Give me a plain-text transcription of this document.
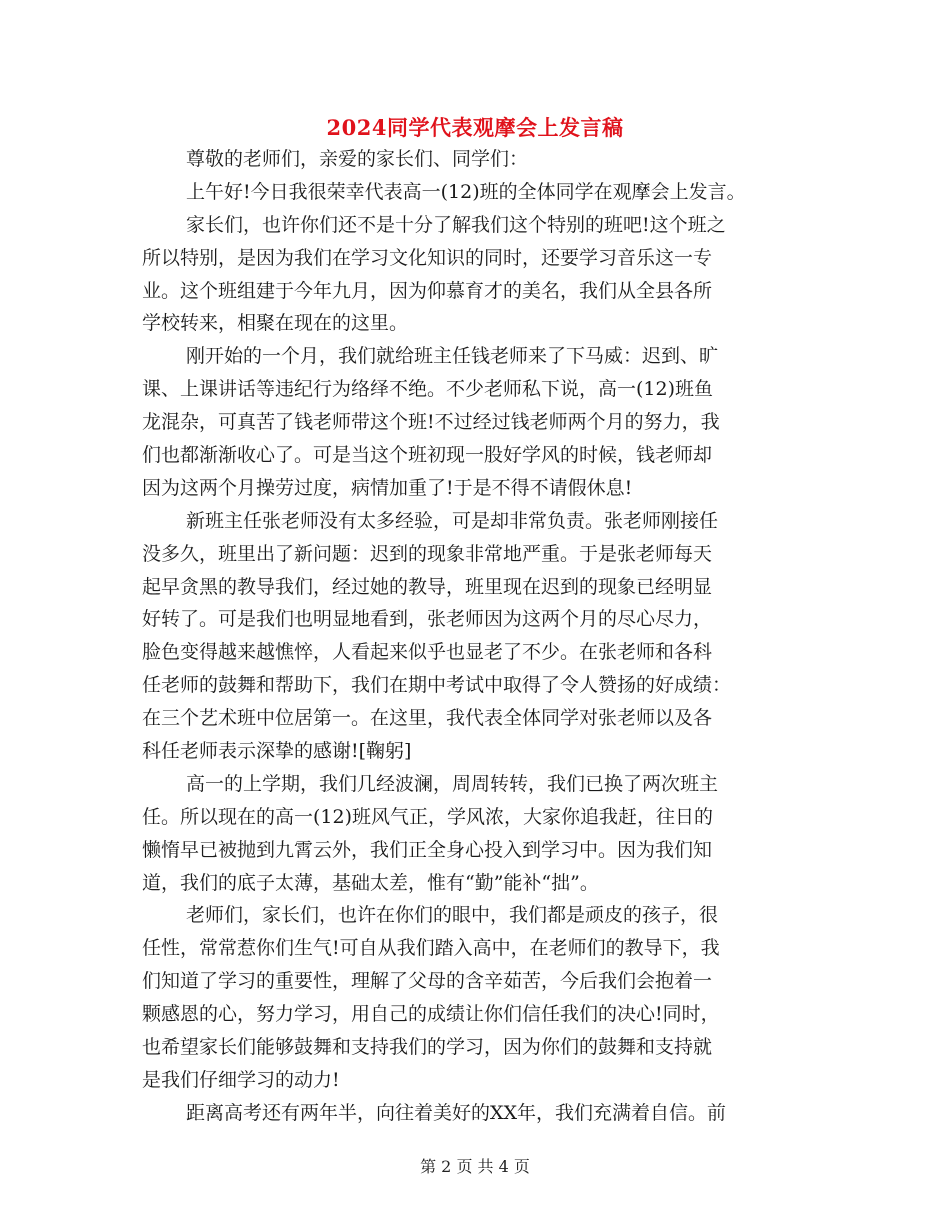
2024同学代表观摩会上发言稿
尊敬的老师们，亲爱的家长们、同学们：
上午好!今日我很荣幸代表高一(12)班的全体同学在观摩会上发言。
家长们，也许你们还不是十分了解我们这个特别的班吧!这个班之
所以特别，是因为我们在学习文化知识的同时，还要学习音乐这一专
业。这个班组建于今年九月，因为仰慕育才的美名，我们从全县各所
学校转来，相聚在现在的这里。
刚开始的一个月，我们就给班主任钱老师来了下马威：迟到、旷
课、上课讲话等违纪行为络绎不绝。不少老师私下说，高一(12)班鱼
龙混杂，可真苦了钱老师带这个班!不过经过钱老师两个月的努力，我
们也都渐渐收心了。可是当这个班初现一股好学风的时候，钱老师却
因为这两个月操劳过度，病情加重了!于是不得不请假休息!
新班主任张老师没有太多经验，可是却非常负责。张老师刚接任
没多久，班里出了新问题：迟到的现象非常地严重。于是张老师每天
起早贪黑的教导我们，经过她的教导，班里现在迟到的现象已经明显
好转了。可是我们也明显地看到，张老师因为这两个月的尽心尽力，
脸色变得越来越憔悴，人看起来似乎也显老了不少。在张老师和各科
任老师的鼓舞和帮助下，我们在期中考试中取得了令人赞扬的好成绩：
在三个艺术班中位居第一。在这里，我代表全体同学对张老师以及各
科任老师表示深挚的感谢![鞠躬]
高一的上学期，我们几经波澜，周周转转，我们已换了两次班主
任。所以现在的高一(12)班风气正，学风浓，大家你追我赶，往日的
懒惰早已被抛到九霄云外，我们正全身心投入到学习中。因为我们知
道，我们的底子太薄，基础太差，惟有“勤”能补“拙”。
老师们，家长们，也许在你们的眼中，我们都是顽皮的孩子，很
任性，常常惹你们生气!可自从我们踏入高中，在老师们的教导下，我
们知道了学习的重要性，理解了父母的含辛茹苦，今后我们会抱着一
颗感恩的心，努力学习，用自己的成绩让你们信任我们的决心!同时，
也希望家长们能够鼓舞和支持我们的学习，因为你们的鼓舞和支持就
是我们仔细学习的动力!
距离高考还有两年半，向往着美好的XX年，我们充满着自信。前
第 2 页 共 4 页
